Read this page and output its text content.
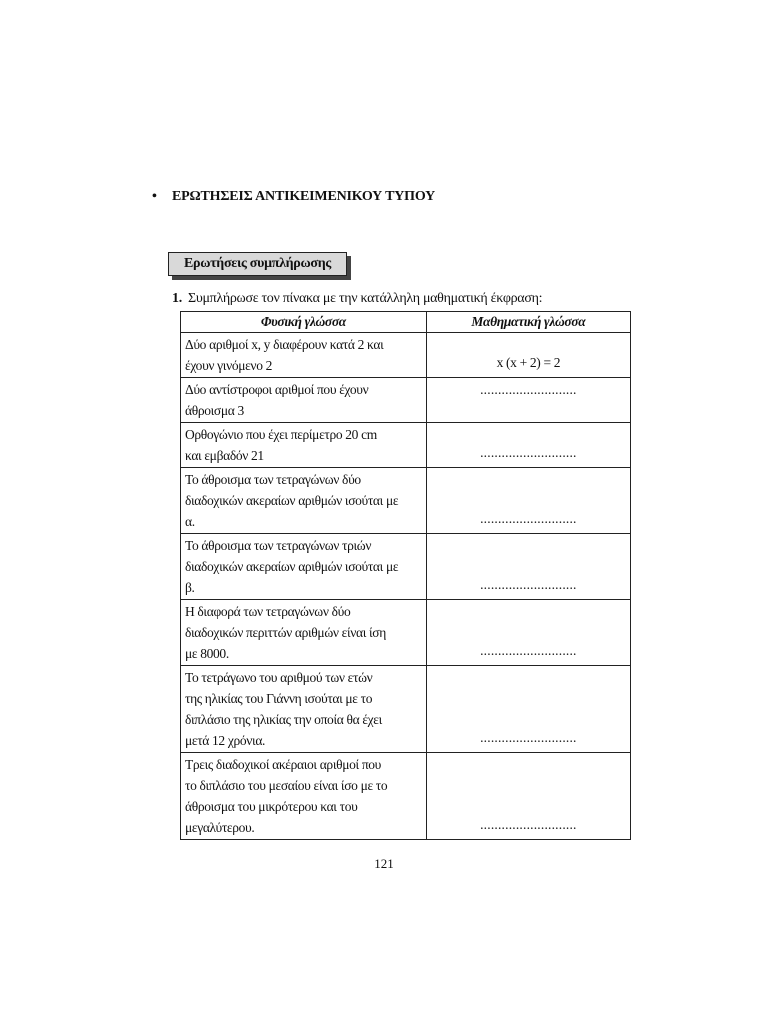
• ΕΡΩΤΗΣΕΙΣ ΑΝΤΙΚΕΙΜΕΝΙΚΟΥ ΤΥΠΟΥ
Ερωτήσεις συμπλήρωσης
1. Συμπλήρωσε τον πίνακα με την κατάλληλη μαθηματική έκφραση:
Φυσική γλώσσα	Μαθηματική γλώσσα

Δύο αριθμοί x, y διαφέρουν κατά 2 και
έχουν γινόμενο 2	x (x + 2) = 2

Δύο αντίστροφοι αριθμοί που έχουν
άθροισμα 3	...........................

Ορθογώνιο που έχει περίμετρο 20 cm
και εμβαδόν 21	...........................

Το άθροισμα των τετραγώνων δύο
διαδοχικών ακεραίων αριθμών ισούται με
α.	...........................

Το άθροισμα των τετραγώνων τριών
διαδοχικών ακεραίων αριθμών ισούται με
β.	...........................

Η διαφορά των τετραγώνων δύο
διαδοχικών περιττών αριθμών είναι ίση
με 8000.	...........................

Το τετράγωνο του αριθμού των ετών
της ηλικίας του Γιάννη ισούται με το
διπλάσιο της ηλικίας την οποία θα έχει
μετά 12 χρόνια.	...........................

Τρεις διαδοχικοί ακέραιοι αριθμοί που
το διπλάσιο του μεσαίου είναι ίσο με το
άθροισμα του μικρότερου και του
μεγαλύτερου.	...........................
121
